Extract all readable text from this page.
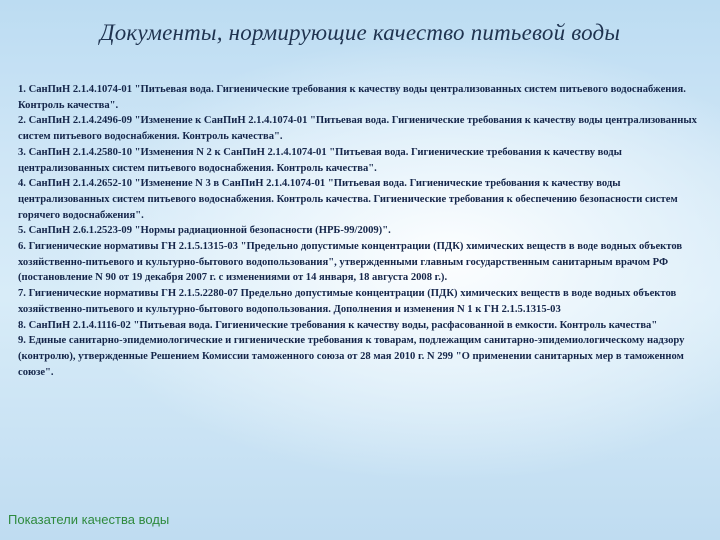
Документы, нормирующие качество питьевой воды
1. СанПиН 2.1.4.1074-01 "Питьевая вода. Гигиенические требования к качеству воды централизованных систем питьевого водоснабжения. Контроль качества".
2. СанПиН 2.1.4.2496-09 "Изменение к СанПиН 2.1.4.1074-01 "Питьевая вода. Гигиенические требования к качеству воды централизованных систем питьевого водоснабжения. Контроль качества".
3. СанПиН 2.1.4.2580-10 "Изменения N 2 к СанПиН 2.1.4.1074-01 "Питьевая вода. Гигиенические требования к качеству воды централизованных систем питьевого водоснабжения. Контроль качества".
4. СанПиН 2.1.4.2652-10 "Изменение N 3 в СанПиН 2.1.4.1074-01 "Питьевая вода. Гигиенические требования к качеству воды централизованных систем питьевого водоснабжения. Контроль качества. Гигиенические требования к обеспечению безопасности систем горячего водоснабжения".
5. СанПиН 2.6.1.2523-09 "Нормы радиационной безопасности (НРБ-99/2009)".
6. Гигиенические нормативы ГН 2.1.5.1315-03 "Предельно допустимые концентрации (ПДК) химических веществ в воде водных объектов хозяйственно-питьевого и культурно-бытового водопользования", утвержденными главным государственным санитарным врачом РФ (постановление N 90 от 19 декабря 2007 г. с изменениями от 14 января, 18 августа 2008 г.).
7. Гигиенические нормативы ГН 2.1.5.2280-07 Предельно допустимые концентрации (ПДК) химических веществ в воде водных объектов хозяйственно-питьевого и культурно-бытового водопользования. Дополнения и изменения N 1 к ГН 2.1.5.1315-03
8. СанПиН 2.1.4.1116-02 "Питьевая вода. Гигиенические требования к качеству воды, расфасованной в емкости. Контроль качества"
9. Единые санитарно-эпидемиологические и гигиенические требования к товарам, подлежащим санитарно-эпидемиологическому надзору (контролю), утвержденные Решением Комиссии таможенного союза от 28 мая 2010 г. N 299 "О применении санитарных мер в таможенном союзе".
Показатели качества воды
